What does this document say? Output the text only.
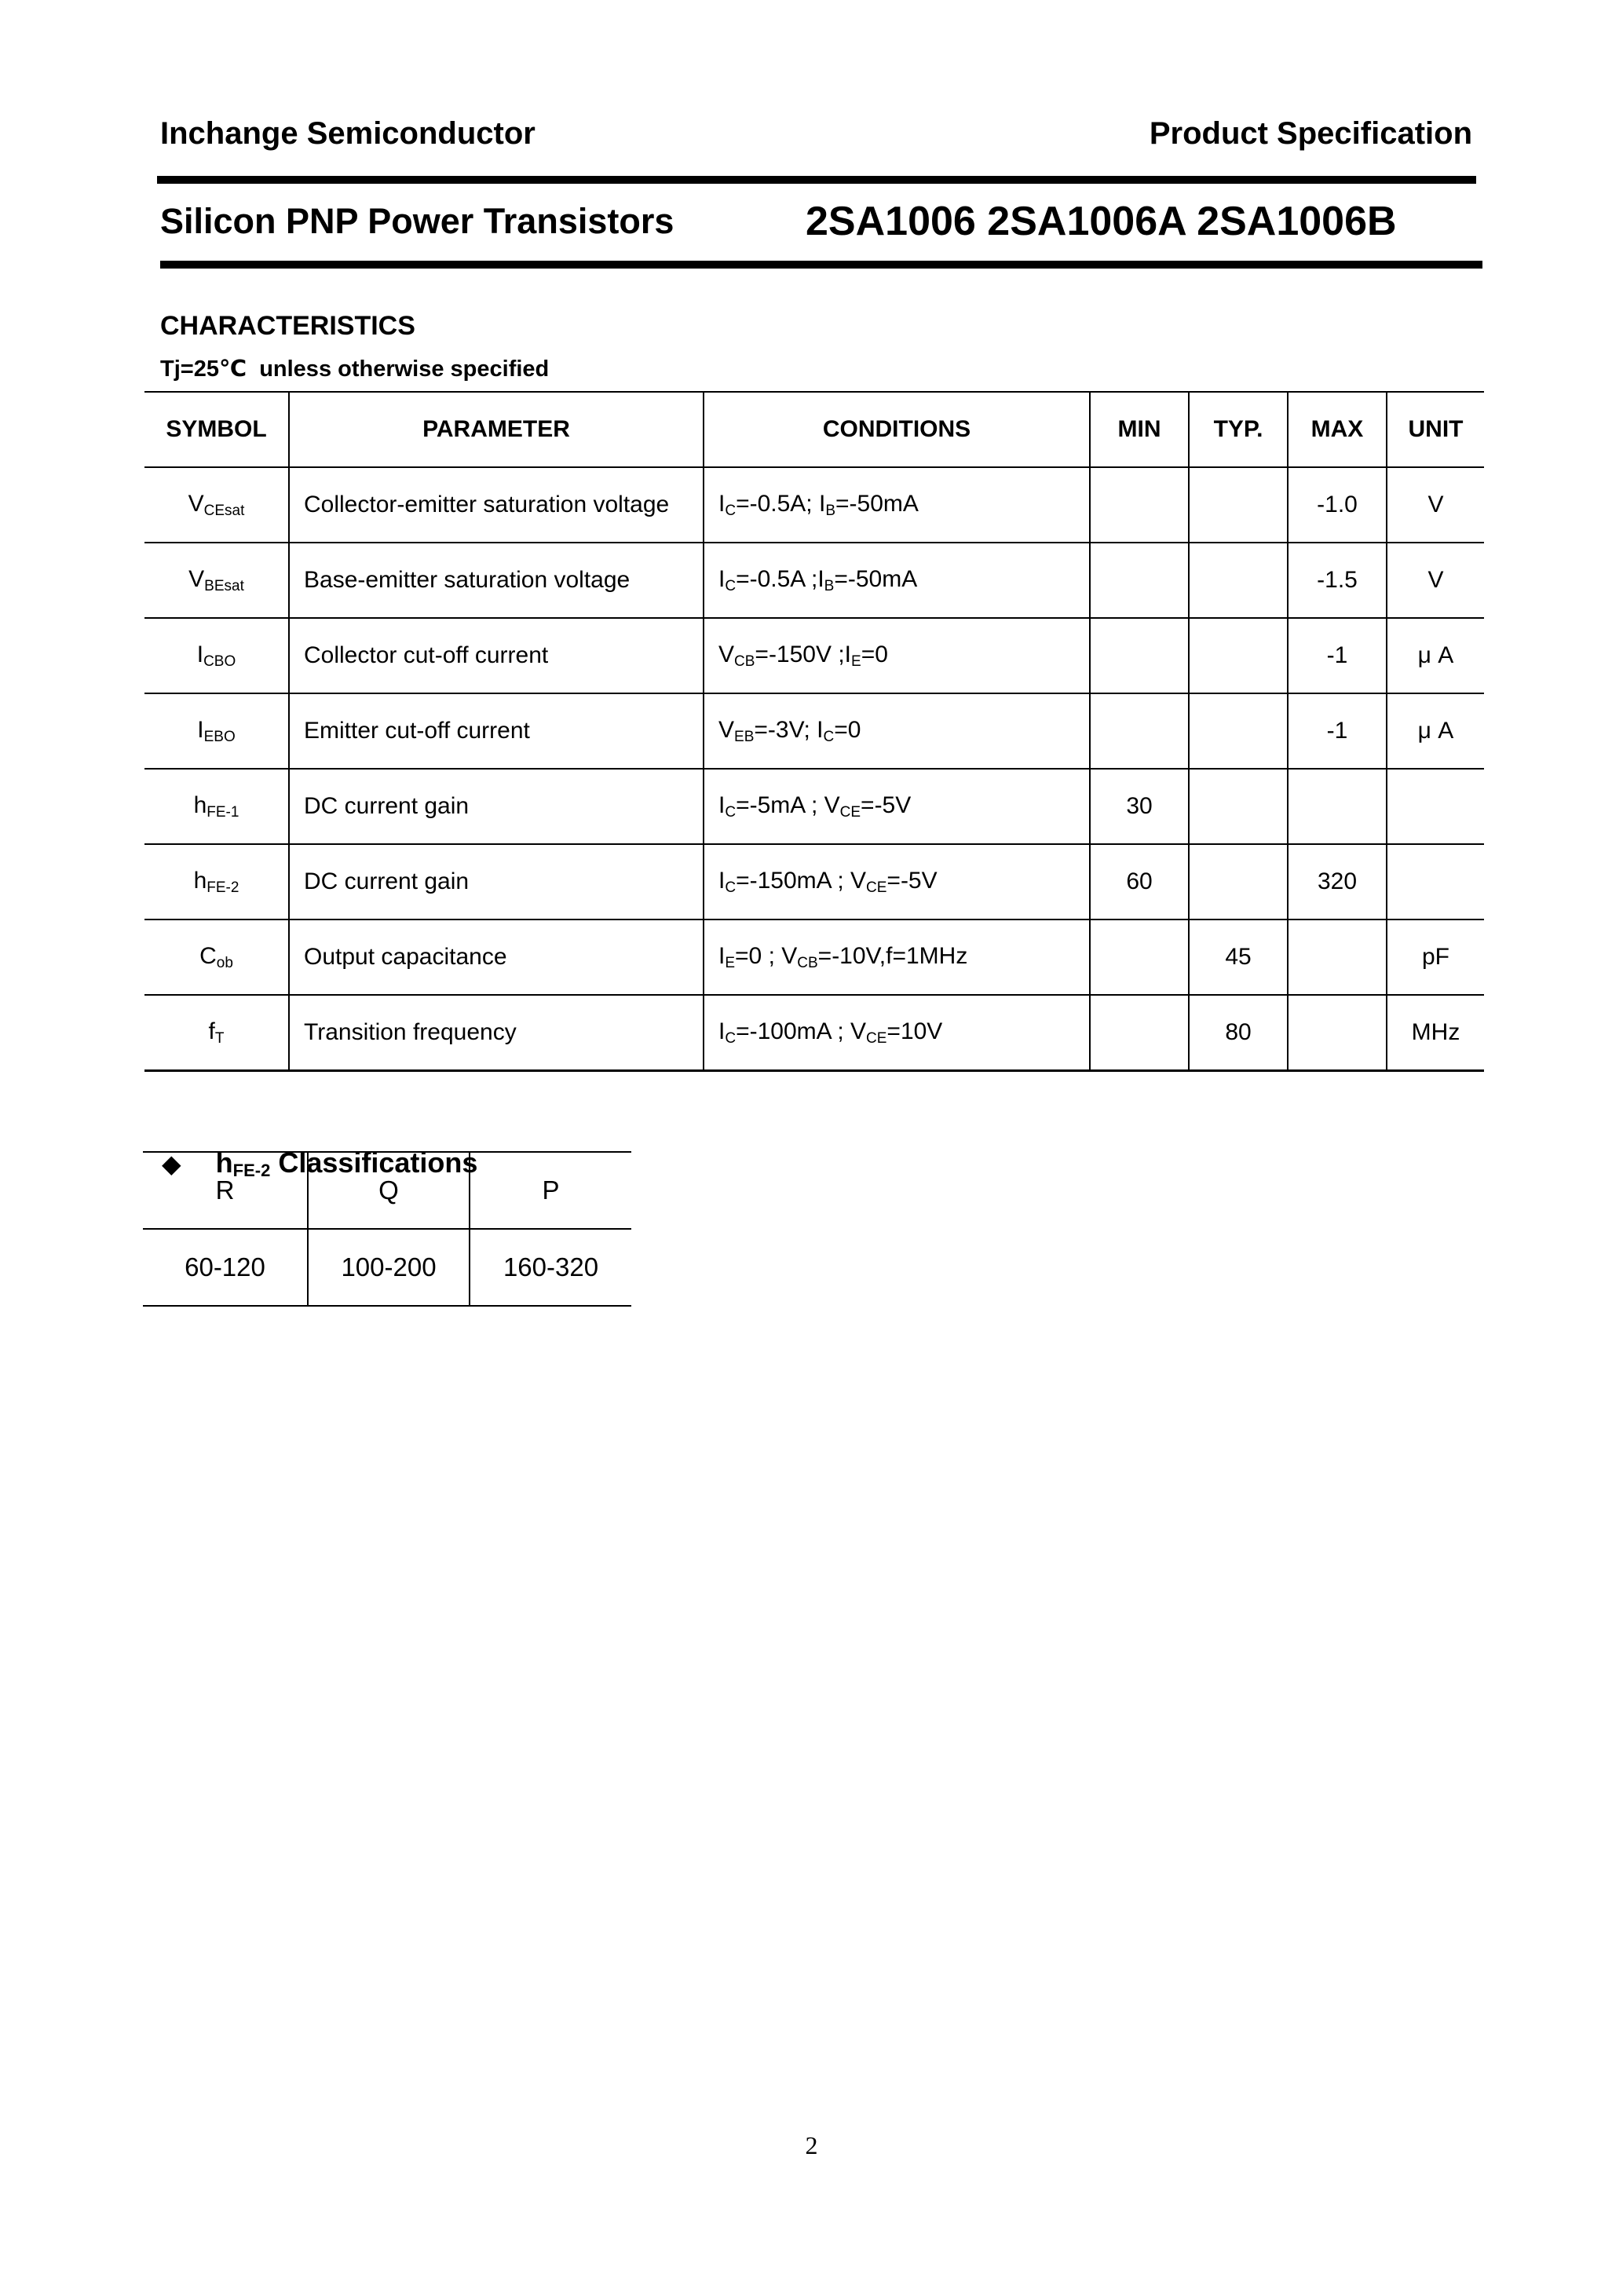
Inchange Semiconductor	Product Specification
Silicon PNP Power Transistors	2SA1006 2SA1006A 2SA1006B
CHARACTERISTICS
Tj=25℃  unless otherwise specified
SYMBOL	PARAMETER	CONDITIONS	MIN	TYP.	MAX	UNIT
$V_{CEsat}$	Collector-emitter saturation voltage	$I_C=-0.5A$; $I_B=-50mA$			-1.0	V
$V_{BEsat}$	Base-emitter saturation voltage	$I_C=-0.5A$ $;I_B=-50mA$			-1.5	V
$I_{CBO}$	Collector cut-off current	$V_{CB}=-150V$ $;I_E=0$			-1	μ A
$I_{EBO}$	Emitter cut-off current	$V_{EB}=-3V$; $I_C=0$			-1	μ A
$h_{FE-1}$	DC current gain	$I_C=-5mA$ ; $V_{CE}=-5V$	30			
$h_{FE-2}$	DC current gain	$I_C=-150mA$ ; $V_{CE}=-5V$	60		320	
$C_{ob}$	Output capacitance	$I_E=0$ ; $V_{CB}=-10V,f=1MHz$		45		pF
$f_T$	Transition frequency	$I_C=-100mA$ ; $V_{CE}=10V$		80		MHz

◆ $h_{FE-2}$ Classifications

R	Q	P
60-120	100-200	160-320
2
